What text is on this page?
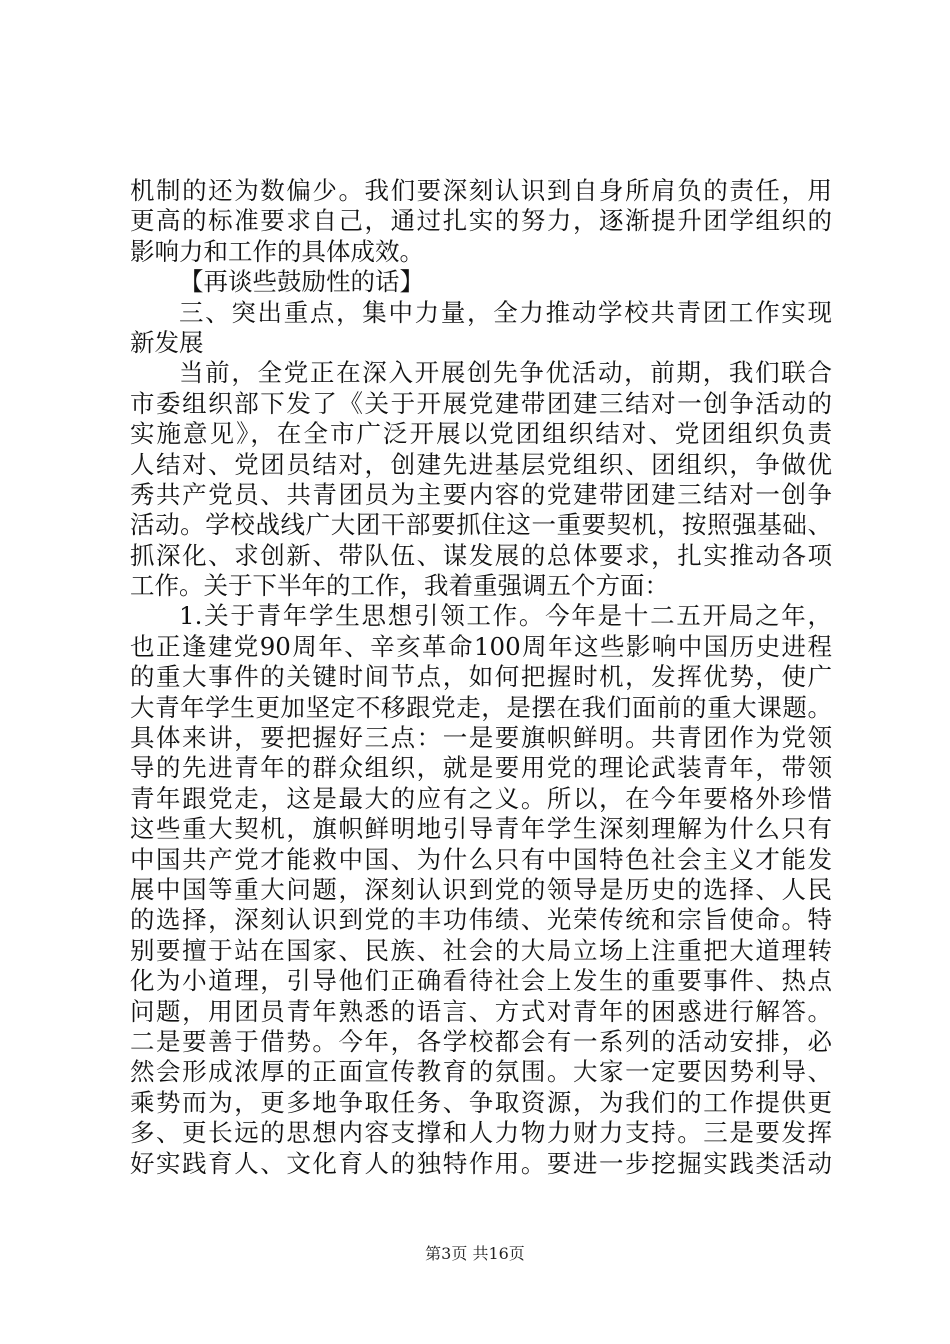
机制的还为数偏少。我们要深刻认识到自身所肩负的责任，用
更高的标准要求自己，通过扎实的努力，逐渐提升团学组织的
影响力和工作的具体成效。
【再谈些鼓励性的话】
三、突出重点，集中力量，全力推动学校共青团工作实现
新发展
当前，全党正在深入开展创先争优活动，前期，我们联合
市委组织部下发了《关于开展党建带团建三结对一创争活动的
实施意见》，在全市广泛开展以党团组织结对、党团组织负责
人结对、党团员结对，创建先进基层党组织、团组织，争做优
秀共产党员、共青团员为主要内容的党建带团建三结对一创争
活动。学校战线广大团干部要抓住这一重要契机，按照强基础、
抓深化、求创新、带队伍、谋发展的总体要求，扎实推动各项
工作。关于下半年的工作，我着重强调五个方面：
1.关于青年学生思想引领工作。今年是十二五开局之年，
也正逢建党90周年、辛亥革命100周年这些影响中国历史进程
的重大事件的关键时间节点，如何把握时机，发挥优势，使广
大青年学生更加坚定不移跟党走，是摆在我们面前的重大课题。
具体来讲，要把握好三点：一是要旗帜鲜明。共青团作为党领
导的先进青年的群众组织，就是要用党的理论武装青年，带领
青年跟党走，这是最大的应有之义。所以，在今年要格外珍惜
这些重大契机，旗帜鲜明地引导青年学生深刻理解为什么只有
中国共产党才能救中国、为什么只有中国特色社会主义才能发
展中国等重大问题，深刻认识到党的领导是历史的选择、人民
的选择，深刻认识到党的丰功伟绩、光荣传统和宗旨使命。特
别要擅于站在国家、民族、社会的大局立场上注重把大道理转
化为小道理，引导他们正确看待社会上发生的重要事件、热点
问题，用团员青年熟悉的语言、方式对青年的困惑进行解答。
二是要善于借势。今年，各学校都会有一系列的活动安排，必
然会形成浓厚的正面宣传教育的氛围。大家一定要因势利导、
乘势而为，更多地争取任务、争取资源，为我们的工作提供更
多、更长远的思想内容支撑和人力物力财力支持。三是要发挥
好实践育人、文化育人的独特作用。要进一步挖掘实践类活动
第3页 共16页
